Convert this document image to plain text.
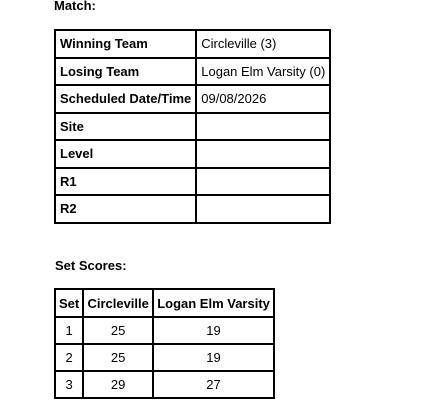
Match:
Winning Team	Circleville (3)
Losing Team	Logan Elm Varsity (0)
Scheduled Date/Time	09/08/2026
Site	
Level	
R1	
R2	
Set Scores:
Set	Circleville	Logan Elm Varsity
1	25	19
2	25	19
3	29	27
